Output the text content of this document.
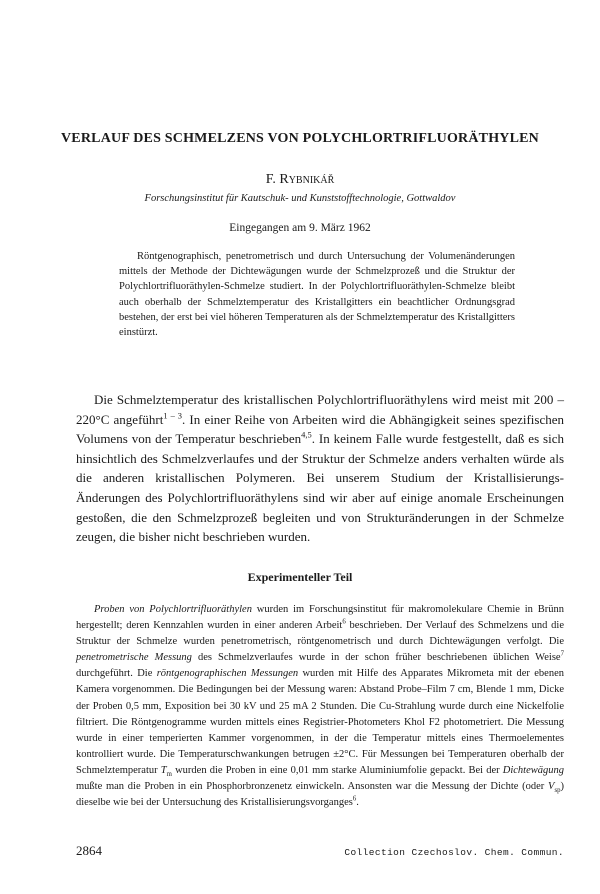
VERLAUF DES SCHMELZENS VON POLYCHLORTRIFLUORÄTHYLEN

F. Rybnikář

Forschungsinstitut für Kautschuk- und Kunststofftechnologie, Gottwaldov

Eingegangen am 9. März 1962

Röntgenographisch, penetrometrisch und durch Untersuchung der Volumenänderungen mittels der Methode der Dichtewägungen wurde der Schmelzprozeß und die Struktur der Polychlortrifluoräthylen-Schmelze studiert. In der Polychlortrifluoräthylen-Schmelze bleibt auch oberhalb der Schmelztemperatur des Kristallgitters ein beachtlicher Ordnungsgrad bestehen, der erst bei viel höheren Temperaturen als der Schmelztemperatur des Kristallgitters einstürzt.

Die Schmelztemperatur des kristallischen Polychlortrifluoräthylens wird meist mit 200 – 220°C angeführt$^{1 - 3}$. In einer Reihe von Arbeiten wird die Abhängigkeit seines spezifischen Volumens von der Temperatur beschrieben$^{4,5}$. In keinem Falle wurde festgestellt, daß es sich hinsichtlich des Schmelzverlaufes und der Struktur der Schmelze anders verhalten würde als die anderen kristallischen Polymeren. Bei unserem Studium der Kristallisierungs-Änderungen des Polychlortrifluoräthylens sind wir aber auf einige anomale Erscheinungen gestoßen, die den Schmelzprozeß begleiten und von Strukturänderungen in der Schmelze zeugen, die bisher nicht beschrieben wurden.

Experimenteller Teil

Proben von Polychlortrifluoräthylen wurden im Forschungsinstitut für makromolekulare Chemie in Brünn hergestellt; deren Kennzahlen wurden in einer anderen Arbeit$^6$ beschrieben. Der Verlauf des Schmelzens und die Struktur der Schmelze wurden penetrometrisch, röntgenometrisch und durch Dichtewägungen verfolgt. Die penetrometrische Messung des Schmelzverlaufes wurde in der schon früher beschriebenen üblichen Weise$^7$ durchgeführt. Die röntgenographischen Messungen wurden mit Hilfe des Apparates Mikrometa mit der ebenen Kamera vorgenommen. Die Bedingungen bei der Messung waren: Abstand Probe–Film 7 cm, Blende 1 mm, Dicke der Proben 0,5 mm, Exposition bei 30 kV und 25 mA 2 Stunden. Die Cu-Strahlung wurde durch eine Nickelfolie filtriert. Die Röntgenogramme wurden mittels eines Registrier-Photometers Khol F2 photometriert. Die Messung wurde in einer temperierten Kammer vorgenommen, in der die Temperatur mittels eines Thermoelementes kontrolliert wurde. Die Temperaturschwankungen betrugen ±2°C. Für Messungen bei Temperaturen oberhalb der Schmelztemperatur $T_m$ wurden die Proben in eine 0,01 mm starke Aluminiumfolie gepackt. Bei der Dichtewägung mußte man die Proben in ein Phosphorbronzenetz einwickeln. Ansonsten war die Messung der Dichte (oder $V_{sp}$) dieselbe wie bei der Untersuchung des Kristallisierungsvorganges$^6$.

2864	Collection Czechoslov. Chem. Commun.
